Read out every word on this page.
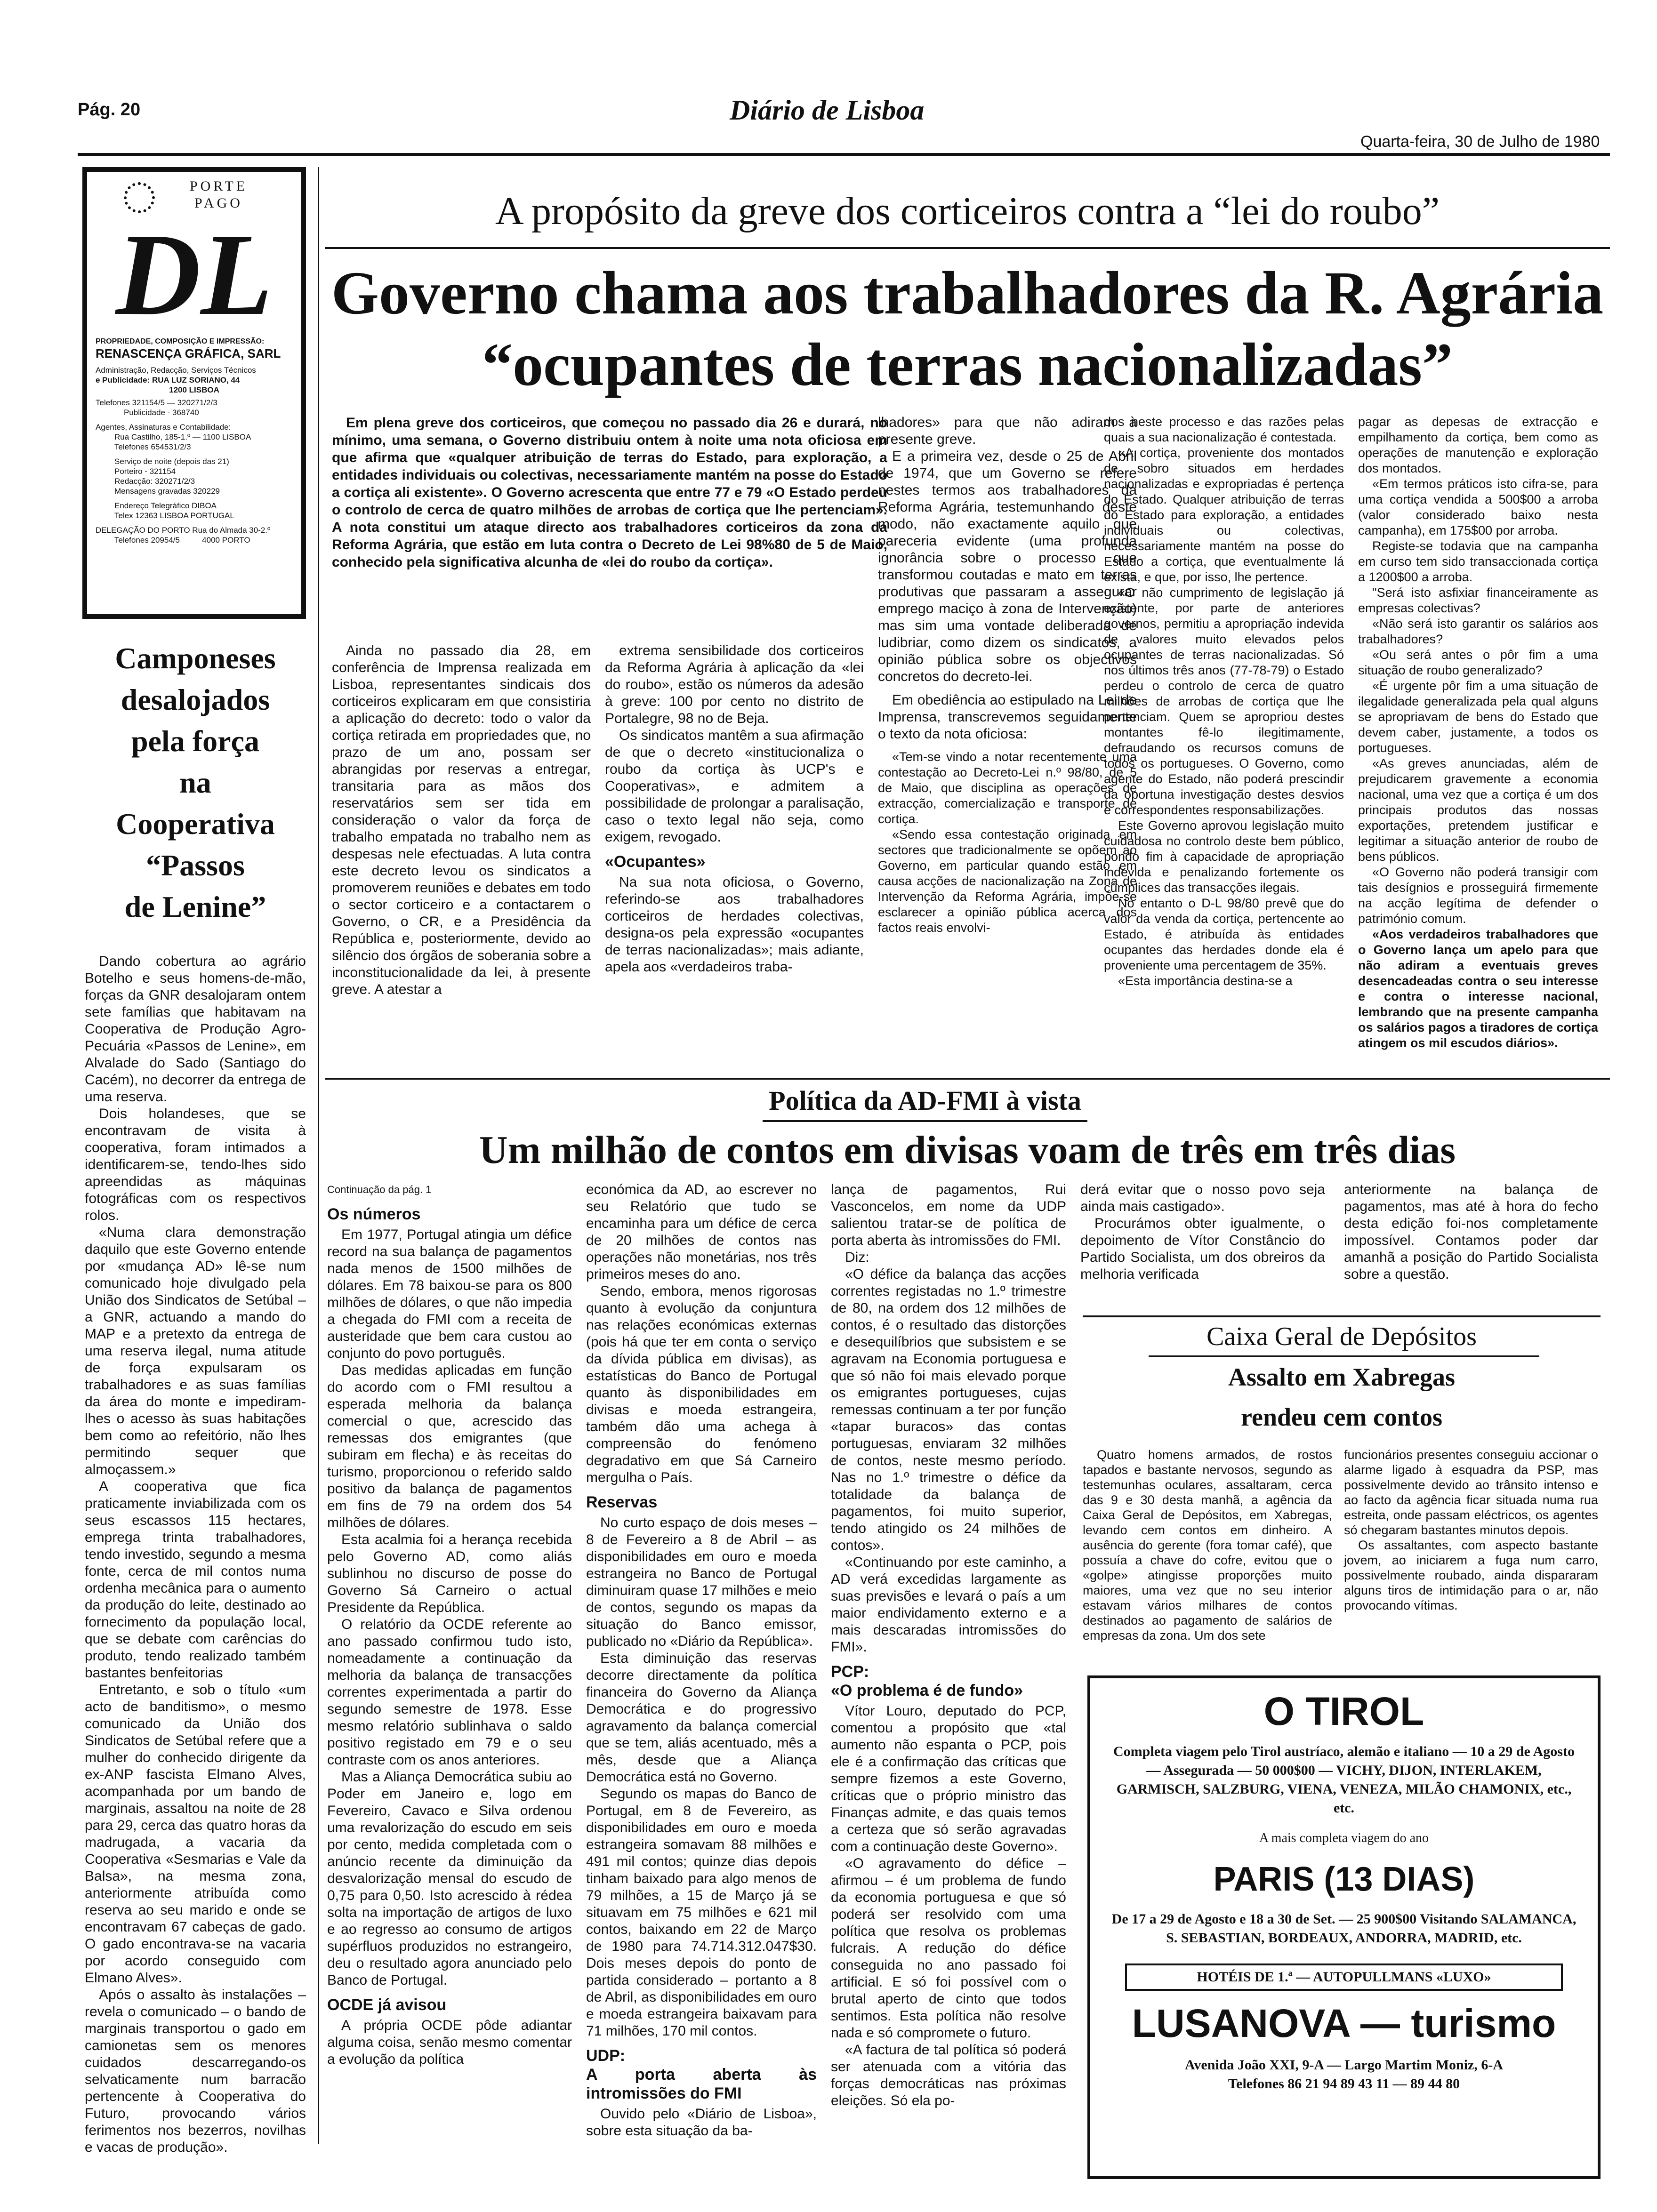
Pág. 20	Diário de Lisboa
Quarta-feira, 30 de Julho de 1980
PORTE
PAGO
DL
PROPRIEDADE, COMPOSIÇÃO E IMPRESSÃO:
RENASCENÇA GRÁFICA, SARL
Administração, Redacção, Serviços Técnicos
e Publicidade: RUA LUZ SORIANO, 44
1200 LISBOA
Telefones 321154/5 — 320271/2/3
Publicidade - 368740
Agentes, Assinaturas e Contabilidade:
Rua Castilho, 185-1.º — 1100 LISBOA
Telefones 654531/2/3
Serviço de noite (depois das 21)
Porteiro - 321154
Redacção: 320271/2/3
Mensagens gravadas 320229
Endereço Telegráfico DIBOA
Telex 12363 LISBOA PORTUGAL
DELEGAÇÃO DO PORTO Rua do Almada 30-2.º
Telefones 20954/5          4000 PORTO
Camponeses
desalojados
pela força
na
Cooperativa
“Passos
de Lenine”

Dando cobertura ao agrário Botelho e seus homens-de-mão, forças da GNR desalojaram ontem sete famílias que habitavam na Cooperativa de Produção Agro-Pecuária «Passos de Lenine», em Alvalade do Sado (Santiago do Cacém), no decorrer da entrega de uma reserva.

Dois holandeses, que se encontravam de visita à cooperativa, foram intimados a identificarem-se, tendo-lhes sido apreendidas as máquinas fotográficas com os respectivos rolos.

«Numa clara demonstração daquilo que este Governo entende por «mudança AD» lê-se num comunicado hoje divulgado pela União dos Sindicatos de Setúbal – a GNR, actuando a mando do MAP e a pretexto da entrega de uma reserva ilegal, numa atitude de força expulsaram os trabalhadores e as suas famílias da área do monte e impediram-lhes o acesso às suas habitações bem como ao refeitório, não lhes permitindo sequer que almoçassem.»

A cooperativa que fica praticamente inviabilizada com os seus escassos 115 hectares, emprega trinta trabalhadores, tendo investido, segundo a mesma fonte, cerca de mil contos numa ordenha mecânica para o aumento da produção do leite, destinado ao fornecimento da população local, que se debate com carências do produto, tendo realizado também bastantes benfeitorias

Entretanto, e sob o título «um acto de banditismo», o mesmo comunicado da União dos Sindicatos de Setúbal refere que a mulher do conhecido dirigente da ex-ANP fascista Elmano Alves, acompanhada por um bando de marginais, assaltou na noite de 28 para 29, cerca das quatro horas da madrugada, a vacaria da Cooperativa «Sesmarias e Vale da Balsa», na mesma zona, anteriormente atribuída como reserva ao seu marido e onde se encontravam 67 cabeças de gado. O gado encontrava-se na vacaria por acordo conseguido com Elmano Alves».

Após o assalto às instalações – revela o comunicado – o bando de marginais transportou o gado em camionetas sem os menores cuidados descarregando-os selvaticamente num barracão pertencente à Cooperativa do Futuro, provocando vários ferimentos nos bezerros, novilhas e vacas de produção».

A propósito da greve dos corticeiros contra a “lei do roubo”
Governo chama aos trabalhadores da R. Agrária
“ocupantes de terras nacionalizadas”

Em plena greve dos corticeiros, que começou no passado dia 26 e durará, no mínimo, uma semana, o Governo distribuiu ontem à noite uma nota oficiosa em que afirma que «qualquer atribuição de terras do Estado, para exploração, a entidades individuais ou colectivas, necessariamente mantém na posse do Estado a cortiça ali existente». O Governo acrescenta que entre 77 e 79 «O Estado perdeu o controlo de cerca de quatro milhões de arrobas de cortiça que lhe pertenciam». A nota constitui um ataque directo aos trabalhadores corticeiros da zona da Reforma Agrária, que estão em luta contra o Decreto de Lei 98%80 de 5 de Maio, conhecido pela significativa alcunha de «lei do roubo da cortiça».

Ainda no passado dia 28, em conferência de Imprensa realizada em Lisboa, representantes sindicais dos corticeiros explicaram em que consistiria a aplicação do decreto: todo o valor da cortiça retirada em propriedades que, no prazo de um ano, possam ser abrangidas por reservas a entregar, transitaria para as mãos dos reservatários sem ser tida em consideração o valor da força de trabalho empatada no trabalho nem as despesas nele efectuadas. A luta contra este decreto levou os sindicatos a promoverem reuniões e debates em todo o sector corticeiro e a contactarem o Governo, o CR, e a Presidência da República e, posteriormente, devido ao silêncio dos órgãos de soberania sobre a inconstitucionalidade da lei, à presente greve. A atestar a

extrema sensibilidade dos corticeiros da Reforma Agrária à aplicação da «lei do roubo», estão os números da adesão à greve: 100 por cento no distrito de Portalegre, 98 no de Beja.

Os sindicatos mantêm a sua afirmação de que o decreto «institucionaliza o roubo da cortiça às UCP's e Cooperativas», e admitem a possibilidade de prolongar a paralisação, caso o texto legal não seja, como exigem, revogado.

«Ocupantes»

Na sua nota oficiosa, o Governo, referindo-se aos trabalhadores corticeiros de herdades colectivas, designa-os pela expressão «ocupantes de terras nacionalizadas»; mais adiante, apela aos «verdadeiros traba-

lhadores» para que não adiram à presente greve.

E a primeira vez, desde o 25 de Abril de 1974, que um Governo se refere nestes termos aos trabalhadores da Reforma Agrária, testemunhando deste modo, não exactamente aquilo que pareceria evidente (uma profunda ignorância sobre o processo que transformou coutadas e mato em terras produtivas que passaram a assegurar emprego maciço à zona de Intervenção) mas sim uma vontade deliberada de ludibriar, como dizem os sindicatos, a opinião pública sobre os objectivos concretos do decreto-lei.

Em obediência ao estipulado na Lei de Imprensa, transcrevemos seguidamente o texto da nota oficiosa:

«Tem-se vindo a notar recentemente uma contestação ao Decreto-Lei n.º 98/80, de 5 de Maio, que disciplina as operações de extracção, comercialização e transporte de cortiça.

«Sendo essa contestação originada em sectores que tradicionalmente se opõem ao Governo, em particular quando estão em causa acções de nacionalização na Zona de Intervenção da Reforma Agrária, impõe-se esclarecer a opinião pública acerca dos factos reais envolvi-

dos neste processo e das razões pelas quais a sua nacionalização é contestada.

«A cortiça, proveniente dos montados de sobro situados em herdades nacionalizadas e expropriadas é pertença do Estado. Qualquer atribuição de terras do Estado para exploração, a entidades individuais ou colectivas, necessariamente mantém na posse do Estado a cortiça, que eventualmente lá exista, e que, por isso, lhe pertence.

«O não cumprimento de legislação já existente, por parte de anteriores governos, permitiu a apropriação indevida de valores muito elevados pelos ocupantes de terras nacionalizadas. Só nos últimos três anos (77-78-79) o Estado perdeu o controlo de cerca de quatro milhões de arrobas de cortiça que lhe pertenciam. Quem se apropriou destes montantes fê-lo ilegitimamente, defraudando os recursos comuns de todos os portugueses. O Governo, como agente do Estado, não poderá prescindir da oportuna investigação destes desvios e correspondentes responsabilizações.

Este Governo aprovou legislação muito cuidadosa no controlo deste bem público, pondo fim à capacidade de apropriação indevida e penalizando fortemente os cúmplices das transacções ilegais.

No entanto o D-L 98/80 prevê que do valor da venda da cortiça, pertencente ao Estado, é atribuída às entidades ocupantes das herdades donde ela é proveniente uma percentagem de 35%.

«Esta importância destina-se a

pagar as depesas de extracção e empilhamento da cortiça, bem como as operações de manutenção e exploração dos montados.

«Em termos práticos isto cifra-se, para uma cortiça vendida a 500$00 a arroba (valor considerado baixo nesta campanha), em 175$00 por arroba.

Registe-se todavia que na campanha em curso tem sido transaccionada cortiça a 1200$00 a arroba.

"Será isto asfixiar financeiramente as empresas colectivas?

«Não será isto garantir os salários aos trabalhadores?

«Ou será antes o pôr fim a uma situação de roubo generalizado?

«É urgente pôr fim a uma situação de ilegalidade generalizada pela qual alguns se apropriavam de bens do Estado que devem caber, justamente, a todos os portugueses.

«As greves anunciadas, além de prejudicarem gravemente a economia nacional, uma vez que a cortiça é um dos principais produtos das nossas exportações, pretendem justificar e legitimar a situação anterior de roubo de bens públicos.

«O Governo não poderá transigir com tais desígnios e prosseguirá firmemente na acção legítima de defender o património comum.

«Aos verdadeiros trabalhadores que o Governo lança um apelo para que não adiram a eventuais greves desencadeadas contra o seu interesse e contra o interesse nacional, lembrando que na presente campanha os salários pagos a tiradores de cortiça atingem os mil escudos diários».

Política da AD-FMI à vista
Um milhão de contos em divisas voam de três em três dias

Continuação da pág. 1

Os números

Em 1977, Portugal atingia um défice record na sua balança de pagamentos nada menos de 1500 milhões de dólares. Em 78 baixou-se para os 800 milhões de dólares, o que não impedia a chegada do FMI com a receita de austeridade que bem cara custou ao conjunto do povo português.

Das medidas aplicadas em função do acordo com o FMI resultou a esperada melhoria da balança comercial o que, acrescido das remessas dos emigrantes (que subiram em flecha) e às receitas do turismo, proporcionou o referido saldo positivo da balança de pagamentos em fins de 79 na ordem dos 54 milhões de dólares.

Esta acalmia foi a herança recebida pelo Governo AD, como aliás sublinhou no discurso de posse do Governo Sá Carneiro o actual Presidente da República.

O relatório da OCDE referente ao ano passado confirmou tudo isto, nomeadamente a continuação da melhoria da balança de transacções correntes experimentada a partir do segundo semestre de 1978. Esse mesmo relatório sublinhava o saldo positivo registado em 79 e o seu contraste com os anos anteriores.

Mas a Aliança Democrática subiu ao Poder em Janeiro e, logo em Fevereiro, Cavaco e Silva ordenou uma revalorização do escudo em seis por cento, medida completada com o anúncio recente da diminuição da desvalorização mensal do escudo de 0,75 para 0,50. Isto acrescido à rédea solta na importação de artigos de luxo e ao regresso ao consumo de artigos supérfluos produzidos no estrangeiro, deu o resultado agora anunciado pelo Banco de Portugal.

OCDE já avisou

A própria OCDE pôde adiantar alguma coisa, senão mesmo comentar a evolução da política

económica da AD, ao escrever no seu Relatório que tudo se encaminha para um défice de cerca de 20 milhões de contos nas operações não monetárias, nos três primeiros meses do ano.

Sendo, embora, menos rigorosas quanto à evolução da conjuntura nas relações económicas externas (pois há que ter em conta o serviço da dívida pública em divisas), as estatísticas do Banco de Portugal quanto às disponibilidades em divisas e moeda estrangeira, também dão uma achega à compreensão do fenómeno degradativo em que Sá Carneiro mergulha o País.

Reservas

No curto espaço de dois meses – 8 de Fevereiro a 8 de Abril – as disponibilidades em ouro e moeda estrangeira no Banco de Portugal diminuiram quase 17 milhões e meio de contos, segundo os mapas da situação do Banco emissor, publicado no «Diário da República».

Esta diminuição das reservas decorre directamente da política financeira do Governo da Aliança Democrática e do progressivo agravamento da balança comercial que se tem, aliás acentuado, mês a mês, desde que a Aliança Democrática está no Governo.

Segundo os mapas do Banco de Portugal, em 8 de Fevereiro, as disponibilidades em ouro e moeda estrangeira somavam 88 milhões e 491 mil contos; quinze dias depois tinham baixado para algo menos de 79 milhões, a 15 de Março já se situavam em 75 milhões e 621 mil contos, baixando em 22 de Março de 1980 para 74.714.312.047$30. Dois meses depois do ponto de partida considerado – portanto a 8 de Abril, as disponibilidades em ouro e moeda estrangeira baixavam para 71 milhões, 170 mil contos.

UDP:

A porta aberta às intromissões do FMI

Ouvido pelo «Diário de Lisboa», sobre esta situação da ba-

lança de pagamentos, Rui Vasconcelos, em nome da UDP salientou tratar-se de política de porta aberta às intromissões do FMI.

Diz:

«O défice da balança das acções correntes registadas no 1.º trimestre de 80, na ordem dos 12 milhões de contos, é o resultado das distorções e desequilíbrios que subsistem e se agravam na Economia portuguesa e que só não foi mais elevado porque os emigrantes portugueses, cujas remessas continuam a ter por função «tapar buracos» das contas portuguesas, enviaram 32 milhões de contos, neste mesmo período. Nas no 1.º trimestre o défice da totalidade da balança de pagamentos, foi muito superior, tendo atingido os 24 milhões de contos».

«Continuando por este caminho, a AD verá excedidas largamente as suas previsões e levará o país a um maior endividamento externo e a mais descaradas intromissões do FMI».

PCP:

«O problema é de fundo»

Vítor Louro, deputado do PCP, comentou a propósito que «tal aumento não espanta o PCP, pois ele é a confirmação das críticas que sempre fizemos a este Governo, críticas que o próprio ministro das Finanças admite, e das quais temos a certeza que só serão agravadas com a continuação deste Governo».

«O agravamento do défice – afirmou – é um problema de fundo da economia portuguesa e que só poderá ser resolvido com uma política que resolva os problemas fulcrais. A redução do défice conseguida no ano passado foi artificial. E só foi possível com o brutal aperto de cinto que todos sentimos. Esta política não resolve nada e só compromete o futuro.

«A factura de tal política só poderá ser atenuada com a vitória das forças democráticas nas próximas eleições. Só ela po-

derá evitar que o nosso povo seja ainda mais castigado».

Procurámos obter igualmente, o depoimento de Vítor Constâncio do Partido Socialista, um dos obreiros da melhoria verificada

anteriormente na balança de pagamentos, mas até à hora do fecho desta edição foi-nos completamente impossível. Contamos poder dar amanhã a posição do Partido Socialista sobre a questão.

Caixa Geral de Depósitos
Assalto em Xabregas
rendeu cem contos

Quatro homens armados, de rostos tapados e bastante nervosos, segundo as testemunhas oculares, assaltaram, cerca das 9 e 30 desta manhã, a agência da Caixa Geral de Depósitos, em Xabregas, levando cem contos em dinheiro. A ausência do gerente (fora tomar café), que possuía a chave do cofre, evitou que o «golpe» atingisse proporções muito maiores, uma vez que no seu interior estavam vários milhares de contos destinados ao pagamento de salários de empresas da zona. Um dos sete

funcionários presentes conseguiu accionar o alarme ligado à esquadra da PSP, mas possivelmente devido ao trânsito intenso e ao facto da agência ficar situada numa rua estreita, onde passam eléctricos, os agentes só chegaram bastantes minutos depois.

Os assaltantes, com aspecto bastante jovem, ao iniciarem a fuga num carro, possivelmente roubado, ainda dispararam alguns tiros de intimidação para o ar, não provocando vítimas.

O TIROL
Completa viagem pelo Tirol austríaco, alemão e italiano — 10 a 29 de Agosto — Assegurada — 50 000$00 — VICHY, DIJON, INTERLAKEM, GARMISCH, SALZBURG, VIENA, VENEZA, MILÃO CHAMONIX, etc., etc.
A mais completa viagem do ano
PARIS (13 DIAS)
De 17 a 29 de Agosto e 18 a 30 de Set. — 25 900$00 Visitando SALAMANCA, S. SEBASTIAN, BORDEAUX, ANDORRA, MADRID, etc.
HOTÉIS DE 1.ª — AUTOPULLMANS «LUXO»
LUSANOVA — turismo
Avenida João XXI, 9-A — Largo Martim Moniz, 6-A
Telefones 86 21 94 89 43 11 — 89 44 80
